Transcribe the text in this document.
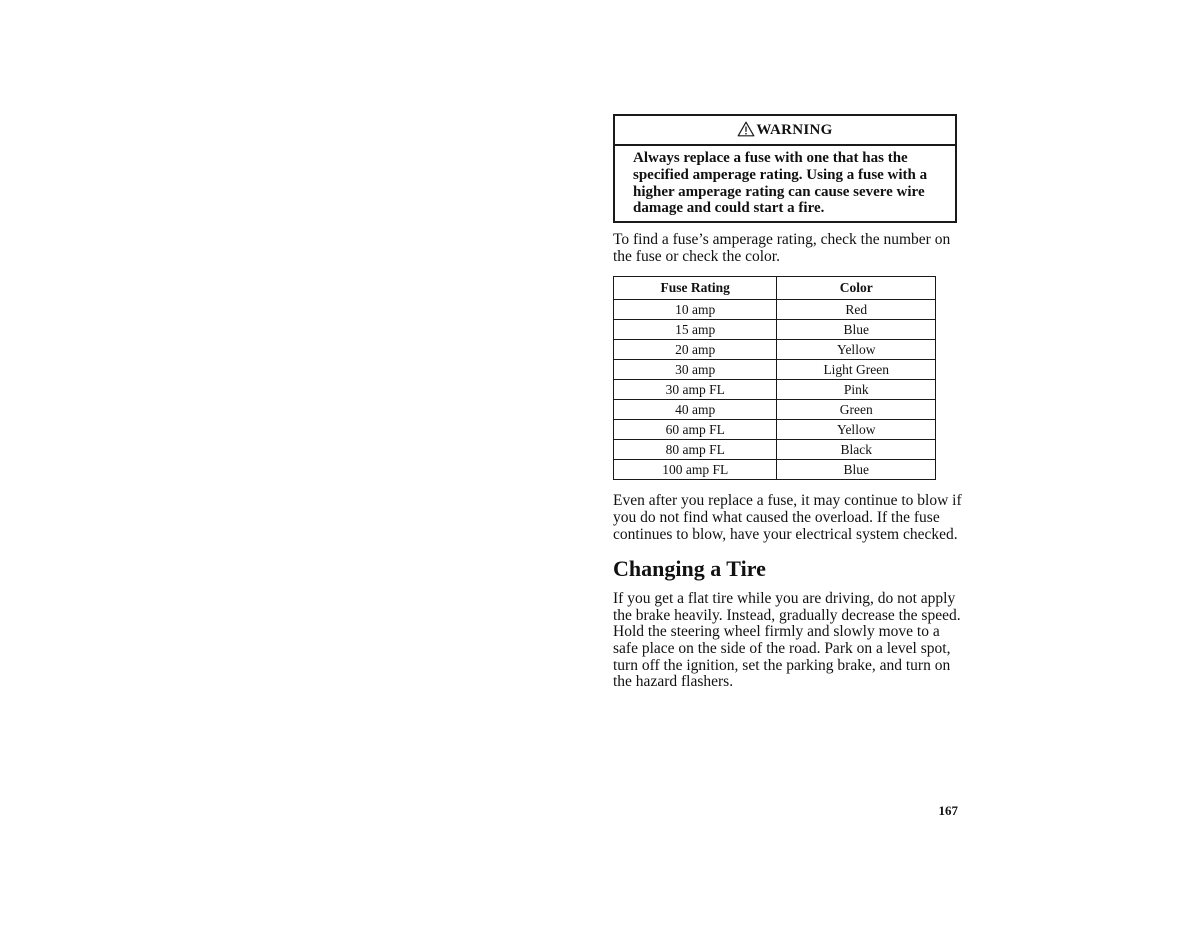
WARNING
Always replace a fuse with one that has the specified amperage rating. Using a fuse with a higher amperage rating can cause severe wire damage and could start a fire.

To find a fuse’s amperage rating, check the number on the fuse or check the color.

Fuse Rating	Color
10 amp	Red
15 amp	Blue
20 amp	Yellow
30 amp	Light Green
30 amp FL	Pink
40 amp	Green
60 amp FL	Yellow
80 amp FL	Black
100 amp FL	Blue

Even after you replace a fuse, it may continue to blow if you do not find what caused the overload. If the fuse continues to blow, have your electrical system checked.

Changing a Tire

If you get a flat tire while you are driving, do not apply the brake heavily. Instead, gradually decrease the speed. Hold the steering wheel firmly and slowly move to a safe place on the side of the road. Park on a level spot, turn off the ignition, set the parking brake, and turn on the hazard flashers.

167
